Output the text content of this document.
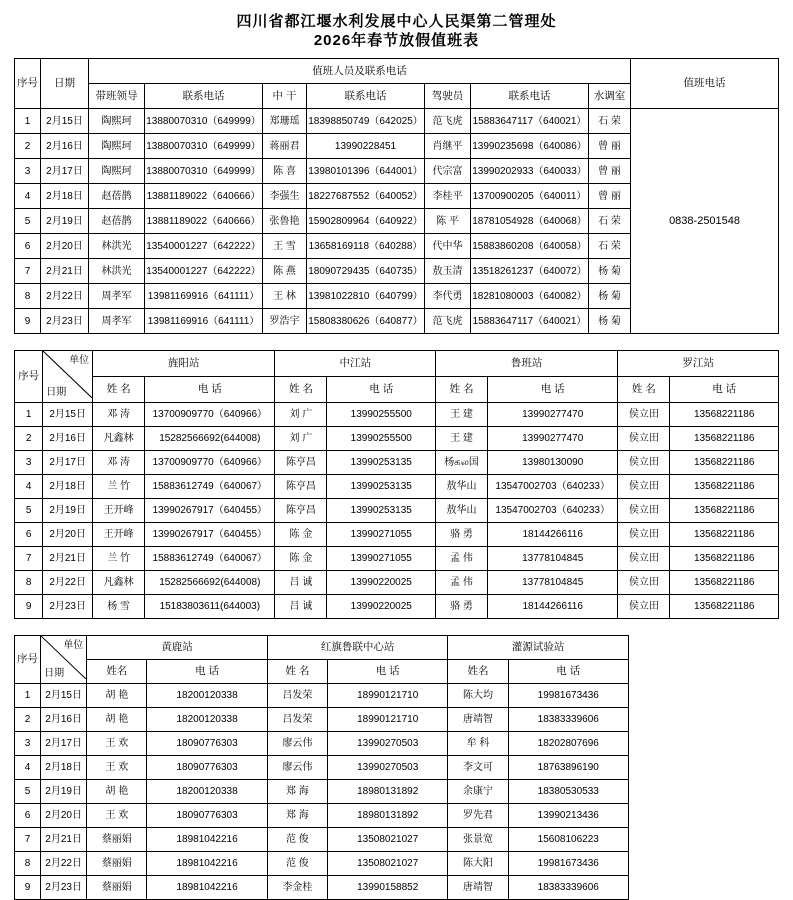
四川省都江堰水利发展中心人民渠第二管理处
2026年春节放假值班表
序号	日期	值班人员及联系电话							值班电话
		带班领导	联系电话	中 干	联系电话	驾驶员	联系电话	水调室	
1	2月15日	陶熙珂	13880070310（649999）	郑珊瑶	18398850749（642025）	范飞虎	15883647117（640021）	石 荣	0838-2501548
2	2月16日	陶熙珂	13880070310（649999）	蒋丽君	13990228451	肖继平	13990235698（640086）	曾 丽	
3	2月17日	陶熙珂	13880070310（649999）	陈 喜	13980101396（644001）	代宗富	13990202933（640033）	曾 丽	
4	2月18日	赵蓓鹊	13881189022（640666）	李强生	18227687552（640052）	李桂平	13700900205（640011）	曾 丽	
5	2月19日	赵蓓鹊	13881189022（640666）	张鲁艳	15902809964（640922）	陈 平	18781054928（640068）	石 荣	
6	2月20日	林洪光	13540001227（642222）	王 雪	13658169118（640288）	代中华	15883860208（640058）	石 荣	
7	2月21日	林洪光	13540001227（642222）	陈 燕	18090729435（640735）	敖玉清	13518261237（640072）	杨 菊	
8	2月22日	周孝军	13981169916（641111）	王 林	13981022810（640799）	李代勇	18281080003（640082）	杨 菊	
9	2月23日	周孝军	13981169916（641111）	罗浩宇	15808380626（640877）	范飞虎	15883647117（640021）	杨 菊	
序号	单位
日期	旌阳站		中江站		鲁班站		罗江站	
		姓 名	电 话	姓 名	电 话	姓 名	电 话	姓 名	电 话
1	2月15日	邓 涛	13700909770（640966）	刘 广	13990255500	王 建	13990277470	侯立田	13568221186
2	2月16日	凡鑫林	15282566692(644008)	刘 广	13990255500	王 建	13990277470	侯立田	13568221186
3	2月17日	邓 涛	13700909770（640966）	陈亨昌	13990253135	杨கல国	13980130090	侯立田	13568221186
4	2月18日	兰 竹	15883612749（640067）	陈亨昌	13990253135	敖华山	13547002703（640233）	侯立田	13568221186
5	2月19日	王开峰	13990267917（640455）	陈亨昌	13990253135	敖华山	13547002703（640233）	侯立田	13568221186
6	2月20日	王开峰	13990267917（640455）	陈 金	13990271055	骆 勇	18144266116	侯立田	13568221186
7	2月21日	兰 竹	15883612749（640067）	陈 金	13990271055	孟 伟	13778104845	侯立田	13568221186
8	2月22日	凡鑫林	15282566692(644008)	吕 诚	13990220025	孟 伟	13778104845	侯立田	13568221186
9	2月23日	杨 雪	15183803611(644003)	吕 诚	13990220025	骆 勇	18144266116	侯立田	13568221186
序号	单位
日期	黄鹿站		红旗鲁联中心站		灌源试验站		
		姓名	电 话	姓 名	电 话	姓名	电 话	
1	2月15日	胡 艳	18200120338	吕发荣	18990121710	陈大均	19981673436	
2	2月16日	胡 艳	18200120338	吕发荣	18990121710	唐靖智	18383339606	
3	2月17日	王 欢	18090776303	廖云伟	13990270503	牟 科	18202807696	
4	2月18日	王 欢	18090776303	廖云伟	13990270503	李文可	18763896190	
5	2月19日	胡 艳	18200120338	郑 海	18980131892	余康宁	18380530533	
6	2月20日	王 欢	18090776303	郑 海	18980131892	罗先君	13990213436	
7	2月21日	蔡丽娟	18981042216	范 俊	13508021027	张景宽	15608106223	
8	2月22日	蔡丽娟	18981042216	范 俊	13508021027	陈大阳	19981673436	
9	2月23日	蔡丽娟	18981042216	李金桂	13990158852	唐靖智	18383339606	
